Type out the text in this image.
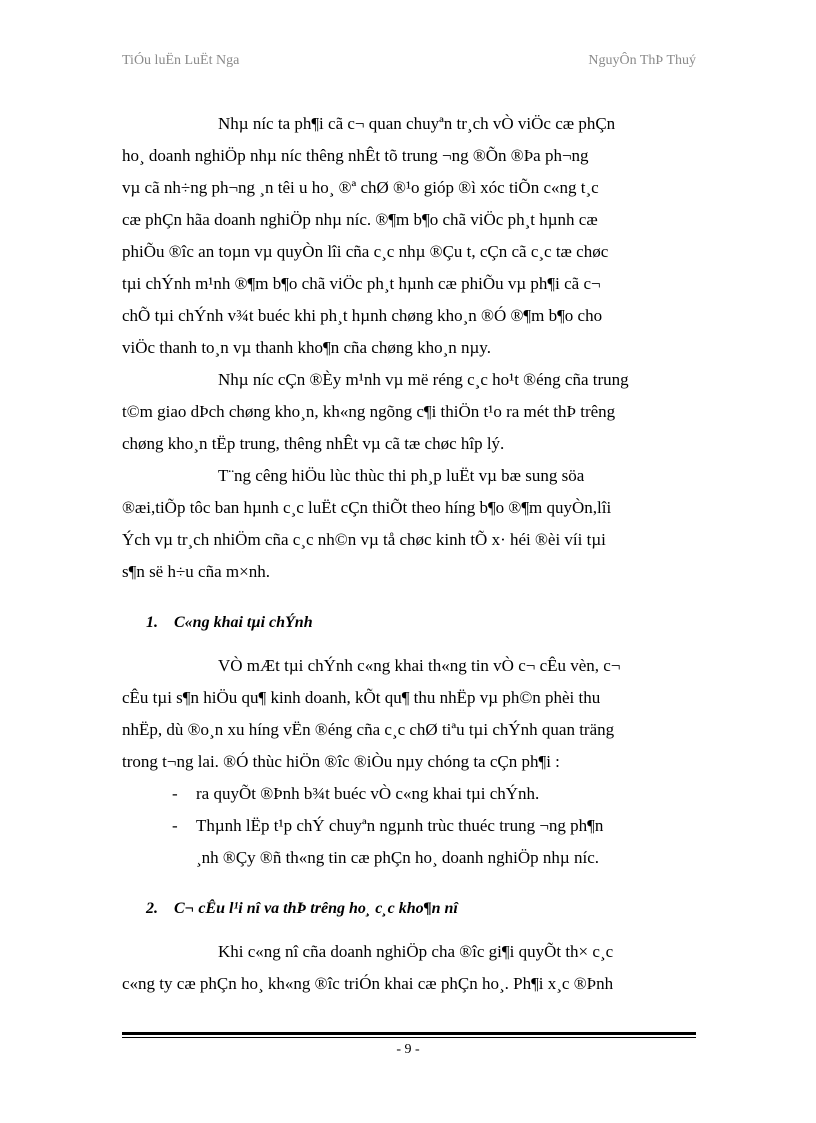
TiÓu luËn LuËt Nga	NguyÔn ThÞ Thuý

Nhµ níc ta ph¶i cã c¬ quan chuyªn tr¸ch vÒ viÖc cæ phÇn
ho¸ doanh nghiÖp nhµ níc thêng nhÊt tõ trung ¬ng ®Õn ®Þa ph¬ng
vµ cã nh÷ng ph¬ng ¸n têi u ho¸ ®ª chØ ®¹o gióp ®ì xóc tiÕn c«ng t¸c
cæ phÇn hãa doanh nghiÖp nhµ níc. ®¶m b¶o chã viÖc ph¸t hµnh cæ
phiÕu ®îc an toµn vµ quyÒn lîi cña c¸c nhµ ®Çu t, cÇn cã c¸c tæ chøc
tµi chÝnh m¹nh ®¶m b¶o chã viÖc ph¸t hµnh cæ phiÕu vµ ph¶i cã c¬
chÕ tµi chÝnh v¾t buéc khi ph¸t hµnh chøng kho¸n ®Ó ®¶m b¶o cho
viÖc thanh to¸n vµ thanh kho¶n cña chøng kho¸n nµy.

Nhµ níc cÇn ®Èy m¹nh vµ më réng c¸c ho¹t ®éng cña trung
t©m giao dÞch chøng kho¸n, kh«ng ngõng c¶i thiÖn t¹o ra mét thÞ trêng
chøng kho¸n tËp trung, thêng nhÊt vµ cã tæ chøc hîp lý.

T¨ng cêng hiÖu lùc thùc thi ph¸p luËt vµ bæ sung söa
®æi,tiÕp tôc ban hµnh c¸c luËt cÇn thiÕt theo híng b¶o ®¶m quyÒn,lîi
Ých vµ tr¸ch nhiÖm cña c¸c nh©n vµ tå chøc kinh tÕ x· héi ®èi víi tµi
s¶n së h÷u cña m×nh.

1. C«ng khai tµi chÝnh

VÒ mÆt tµi chÝnh c«ng khai th«ng tin vÒ c¬ cÊu vèn, c¬
cÊu tµi s¶n hiÖu qu¶ kinh doanh, kÕt qu¶ thu nhËp vµ ph©n phèi thu
nhËp, dù ®o¸n xu híng vËn ®éng cña c¸c chØ tiªu tµi chÝnh quan träng
trong t¬ng lai. ®Ó thùc hiÖn ®îc ®iÒu nµy chóng ta cÇn ph¶i :

- ra quyÕt ®Þnh b¾t buéc vÒ c«ng khai tµi chÝnh.
- Thµnh lËp t¹p chÝ chuyªn ngµnh trùc thuéc trung ¬ng ph¶n
¸nh ®Çy ®ñ th«ng tin cæ phÇn ho¸ doanh nghiÖp nhµ níc.
2. C¬ cÊu l¹i nî va thÞ trêng ho¸ c¸c kho¶n nî

Khi c«ng nî cña doanh nghiÖp cha ®îc gi¶i quyÕt th× c¸c
c«ng ty cæ phÇn ho¸ kh«ng ®îc triÓn khai cæ phÇn ho¸. Ph¶i x¸c ®Þnh

- 9 -
